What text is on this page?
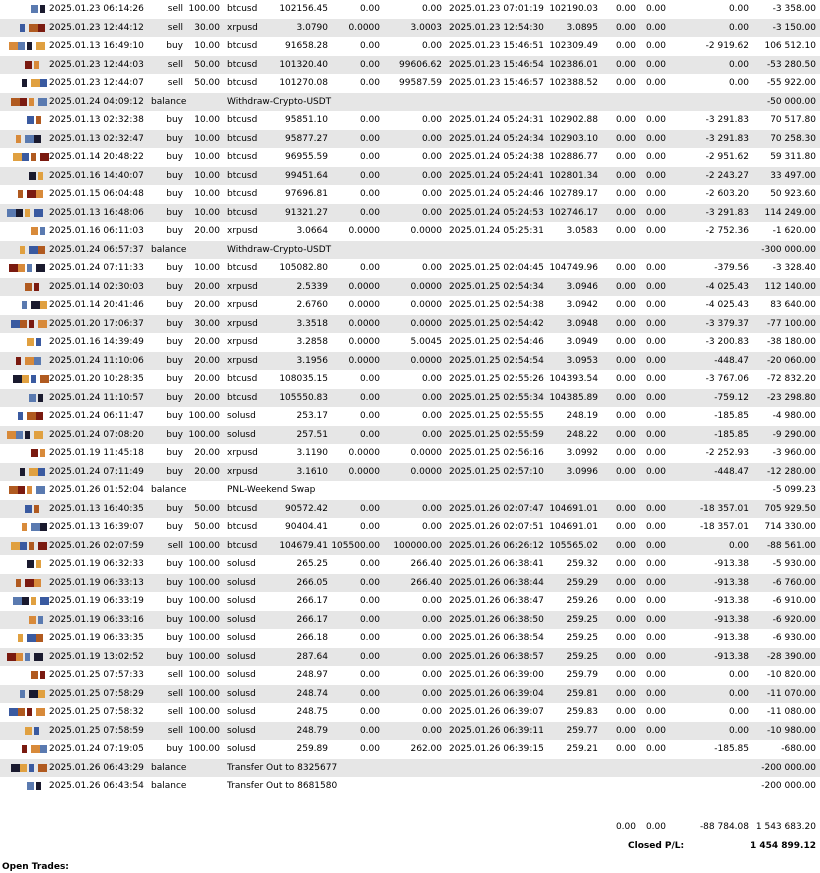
2025.01.23 06:14:26	sell 100.00 btcusd	102156.45	0.00	0.00 2025.01.23 07:01:19 102190.03	0.00	0.00	0.00	-3 358.00
2025.01.23 12:44:12	sell	30.00 xrpusd	3.0790	0.0000	3.0003 2025.01.23 12:54:30	3.0895	0.00	0.00	0.00	-3 150.00
2025.01.13 16:49:10	buy	10.00 btcusd	91658.28	0.00	0.00 2025.01.23 15:46:51 102309.49	0.00	0.00	-2 919.62	106 512.10
2025.01.23 12:44:03	sell	50.00 btcusd	101320.40	0.00	99606.62 2025.01.23 15:46:54 102386.01	0.00	0.00	0.00	-53 280.50
2025.01.23 12:44:07	sell	50.00 btcusd	101270.08	0.00	99587.59 2025.01.23 15:46:57 102388.52	0.00	0.00	0.00	-55 922.00
2025.01.24 04:09:12 balance	Withdraw-Crypto-USDT	-50 000.00
2025.01.13 02:32:38	buy	10.00 btcusd	95851.10	0.00	0.00 2025.01.24 05:24:31 102902.88	0.00	0.00	-3 291.83	70 517.80
2025.01.13 02:32:47	buy	10.00 btcusd	95877.27	0.00	0.00 2025.01.24 05:24:34 102903.10	0.00	0.00	-3 291.83	70 258.30
2025.01.14 20:48:22	buy	10.00 btcusd	96955.59	0.00	0.00 2025.01.24 05:24:38 102886.77	0.00	0.00	-2 951.62	59 311.80
2025.01.16 14:40:07	buy	10.00 btcusd	99451.64	0.00	0.00 2025.01.24 05:24:41 102801.34	0.00	0.00	-2 243.27	33 497.00
2025.01.15 06:04:48	buy	10.00 btcusd	97696.81	0.00	0.00 2025.01.24 05:24:46 102789.17	0.00	0.00	-2 603.20	50 923.60
2025.01.13 16:48:06	buy	10.00 btcusd	91321.27	0.00	0.00 2025.01.24 05:24:53 102746.17	0.00	0.00	-3 291.83	114 249.00
2025.01.16 06:11:03	buy	20.00 xrpusd	3.0664	0.0000	0.0000 2025.01.24 05:25:31	3.0583	0.00	0.00	-2 752.36	-1 620.00
2025.01.24 06:57:37 balance	Withdraw-Crypto-USDT	-300 000.00
2025.01.24 07:11:33	buy	10.00 btcusd	105082.80	0.00	0.00 2025.01.25 02:04:45 104749.96	0.00	0.00	-379.56	-3 328.40
2025.01.14 02:30:03	buy	20.00 xrpusd	2.5339	0.0000	0.0000 2025.01.25 02:54:34	3.0946	0.00	0.00	-4 025.43	112 140.00
2025.01.14 20:41:46	buy	20.00 xrpusd	2.6760	0.0000	0.0000 2025.01.25 02:54:38	3.0942	0.00	0.00	-4 025.43	83 640.00
2025.01.20 17:06:37	buy	30.00 xrpusd	3.3518	0.0000	0.0000 2025.01.25 02:54:42	3.0948	0.00	0.00	-3 379.37	-77 100.00
2025.01.16 14:39:49	buy	20.00 xrpusd	3.2858	0.0000	5.0045 2025.01.25 02:54:46	3.0949	0.00	0.00	-3 200.83	-38 180.00
2025.01.24 11:10:06	buy	20.00 xrpusd	3.1956	0.0000	0.0000 2025.01.25 02:54:54	3.0953	0.00	0.00	-448.47	-20 060.00
2025.01.20 10:28:35	buy	20.00 btcusd	108035.15	0.00	0.00 2025.01.25 02:55:26 104393.54	0.00	0.00	-3 767.06	-72 832.20
2025.01.24 11:10:57	buy	20.00 btcusd	105550.83	0.00	0.00 2025.01.25 02:55:34 104385.89	0.00	0.00	-759.12	-23 298.80
2025.01.24 06:11:47	buy 100.00 solusd	253.17	0.00	0.00 2025.01.25 02:55:55	248.19	0.00	0.00	-185.85	-4 980.00
2025.01.24 07:08:20	buy 100.00 solusd	257.51	0.00	0.00 2025.01.25 02:55:59	248.22	0.00	0.00	-185.85	-9 290.00
2025.01.19 11:45:18	buy	20.00 xrpusd	3.1190	0.0000	0.0000 2025.01.25 02:56:16	3.0992	0.00	0.00	-2 252.93	-3 960.00
2025.01.24 07:11:49	buy	20.00 xrpusd	3.1610	0.0000	0.0000 2025.01.25 02:57:10	3.0996	0.00	0.00	-448.47	-12 280.00
2025.01.26 01:52:04 balance	PNL-Weekend Swap	-5 099.23
2025.01.13 16:40:35	buy	50.00 btcusd	90572.42	0.00	0.00 2025.01.26 02:07:47 104691.01	0.00	0.00	-18 357.01	705 929.50
2025.01.13 16:39:07	buy	50.00 btcusd	90404.41	0.00	0.00 2025.01.26 02:07:51 104691.01	0.00	0.00	-18 357.01	714 330.00
2025.01.26 02:07:59	sell 100.00 btcusd	104679.41 105500.00	100000.00 2025.01.26 06:26:12 105565.02	0.00	0.00	0.00	-88 561.00
2025.01.19 06:32:33	buy 100.00 solusd	265.25	0.00	266.40 2025.01.26 06:38:41	259.32	0.00	0.00	-913.38	-5 930.00
2025.01.19 06:33:13	buy 100.00 solusd	266.05	0.00	266.40 2025.01.26 06:38:44	259.29	0.00	0.00	-913.38	-6 760.00
2025.01.19 06:33:19	buy 100.00 solusd	266.17	0.00	0.00 2025.01.26 06:38:47	259.26	0.00	0.00	-913.38	-6 910.00
2025.01.19 06:33:16	buy 100.00 solusd	266.17	0.00	0.00 2025.01.26 06:38:50	259.25	0.00	0.00	-913.38	-6 920.00
2025.01.19 06:33:35	buy 100.00 solusd	266.18	0.00	0.00 2025.01.26 06:38:54	259.25	0.00	0.00	-913.38	-6 930.00
2025.01.19 13:02:52	buy 100.00 solusd	287.64	0.00	0.00 2025.01.26 06:38:57	259.25	0.00	0.00	-913.38	-28 390.00
2025.01.25 07:57:33	sell 100.00 solusd	248.97	0.00	0.00 2025.01.26 06:39:00	259.79	0.00	0.00	0.00	-10 820.00
2025.01.25 07:58:29	sell 100.00 solusd	248.74	0.00	0.00 2025.01.26 06:39:04	259.81	0.00	0.00	0.00	-11 070.00
2025.01.25 07:58:32	sell 100.00 solusd	248.75	0.00	0.00 2025.01.26 06:39:07	259.83	0.00	0.00	0.00	-11 080.00
2025.01.25 07:58:59	sell 100.00 solusd	248.79	0.00	0.00 2025.01.26 06:39:11	259.77	0.00	0.00	0.00	-10 980.00
2025.01.24 07:19:05	buy 100.00 solusd	259.89	0.00	262.00 2025.01.26 06:39:15	259.21	0.00	0.00	-185.85	-680.00
2025.01.26 06:43:29 balance	Transfer Out to 8325677	-200 000.00
2025.01.26 06:43:54 balance	Transfer Out to 8681580	-200 000.00
0.00	0.00	-88 784.08 1 543 683.20
Closed P/L:	1 454 899.12
Open Trades:
